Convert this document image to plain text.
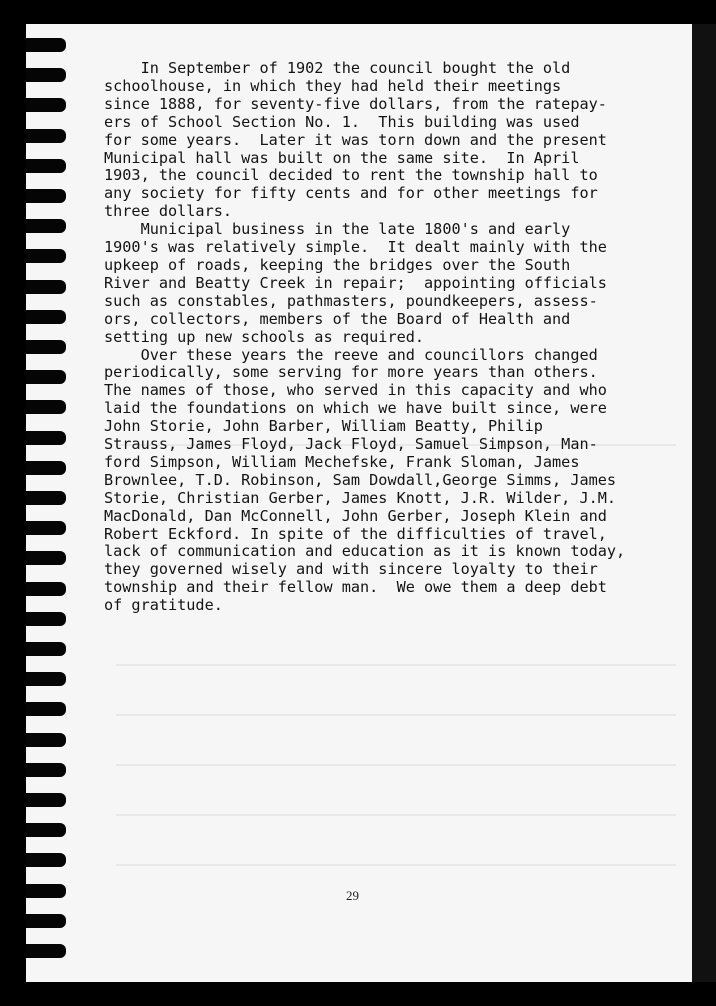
In September of 1902 the council bought the old
schoolhouse, in which they had held their meetings
since 1888, for seventy-five dollars, from the ratepay-
ers of School Section No. 1.  This building was used
for some years.  Later it was torn down and the present
Municipal hall was built on the same site.  In April
1903, the council decided to rent the township hall to
any society for fifty cents and for other meetings for
three dollars.
Municipal business in the late 1800's and early
1900's was relatively simple.  It dealt mainly with the
upkeep of roads, keeping the bridges over the South
River and Beatty Creek in repair;  appointing officials
such as constables, pathmasters, poundkeepers, assess-
ors, collectors, members of the Board of Health and
setting up new schools as required.
Over these years the reeve and councillors changed
periodically, some serving for more years than others.
The names of those, who served in this capacity and who
laid the foundations on which we have built since, were
John Storie, John Barber, William Beatty, Philip
Strauss, James Floyd, Jack Floyd, Samuel Simpson, Man-
ford Simpson, William Mechefske, Frank Sloman, James
Brownlee, T.D. Robinson, Sam Dowdall,George Simms, James
Storie, Christian Gerber, James Knott, J.R. Wilder, J.M.
MacDonald, Dan McConnell, John Gerber, Joseph Klein and
Robert Eckford. In spite of the difficulties of travel,
lack of communication and education as it is known today,
they governed wisely and with sincere loyalty to their
township and their fellow man.  We owe them a deep debt
of gratitude.
29
